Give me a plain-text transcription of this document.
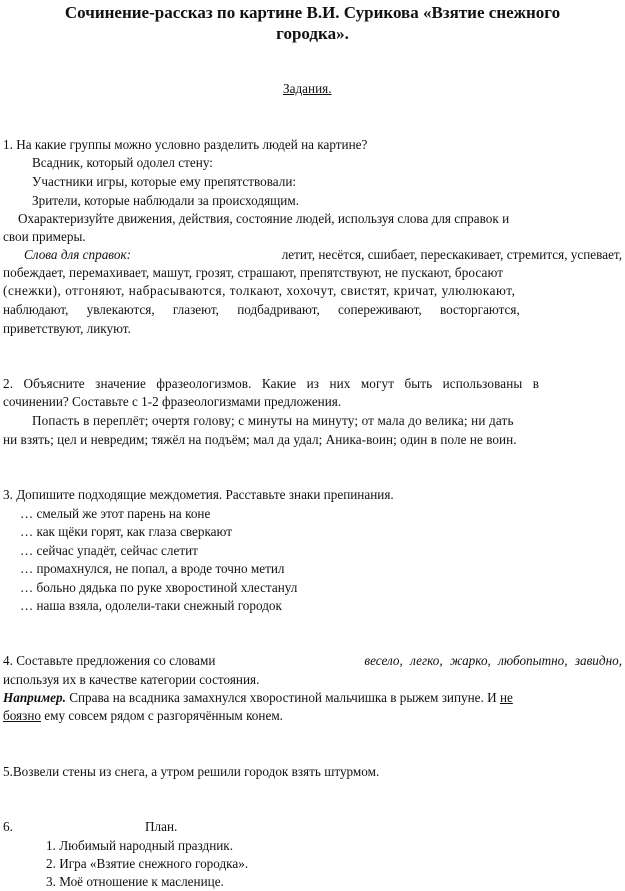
Сочинение-рассказ по картине В.И. Сурикова «Взятие снежного
городка».
Задания.
1. На какие группы можно условно разделить людей на картине?
Всадник, который одолел стену:
Участники игры, которые ему препятствовали:
Зрители, которые наблюдали за происходящим.
Охарактеризуйте движения, действия, состояние людей, используя слова для справок и
свои примеры.
Слова для справок:	летит, несётся, сшибает, перескакивает, стремится, успевает,
побеждает, перемахивает, машут, грозят, страшают, препятствуют, не пускают, бросают
(снежки), отгоняют, набрасываются, толкают, хохочут, свистят, кричат, улюлюкают,
наблюдают, увлекаются, глазеют, подбадривают, сопереживают, восторгаются,
приветствуют, ликуют.
2. Объясните значение фразеологизмов. Какие из них могут быть использованы в
сочинении? Составьте с 1-2 фразеологизмами предложения.
Попасть в переплёт; очертя голову; с минуты на минуту; от мала до велика; ни дать
ни взять; цел и невредим; тяжёл на подъём; мал да удал; Аника-воин; один в поле не воин.
3. Допишите подходящие междометия. Расставьте знаки препинания.
… смелый же этот парень на коне
… как щёки горят, как глаза сверкают
… сейчас упадёт, сейчас слетит
… промахнулся, не попал, а вроде точно метил
… больно дядька по руке хворостиной хлестанул
… наша взяла, одолели-таки снежный городок
4. Составьте предложения со словами	весело, легко, жарко, любопытно, завидно,
используя их в качестве категории состояния.
Например. Справа на всадника замахнулся хворостиной мальчишка в рыжем зипуне. И не
боязно ему совсем рядом с разгорячённым конем.
5.Возвели стены из снега, а утром решили городок взять штурмом.
6.	План.
1. Любимый народный праздник.
2. Игра «Взятие снежного городка».
3. Моё отношение к масленице.
